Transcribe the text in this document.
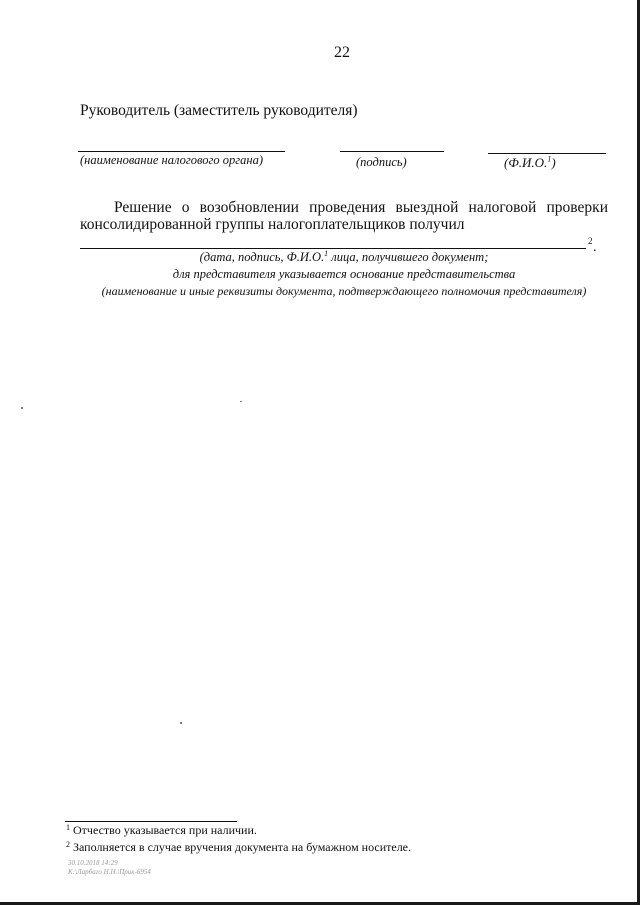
22
Руководитель (заместитель руководителя)
(наименование налогового органа)	(подпись)	(Ф.И.О.$^1$)
Решение о возобновлении проведения выездной налоговой проверки консолидированной группы налогоплательщиков получил
2 .
(дата, подпись, Ф.И.О.$^1$ лица, получившего документ;
для представителя указывается основание представительства
(наименование и иные реквизиты документа, подтверждающего полномочия представителя)
$^1$ Отчество указывается при наличии.
$^2$ Заполняется в случае вручения документа на бумажном носителе.
30.10.2018 14:29
К:\Ларбаго Н.Н.\Прик-6954
